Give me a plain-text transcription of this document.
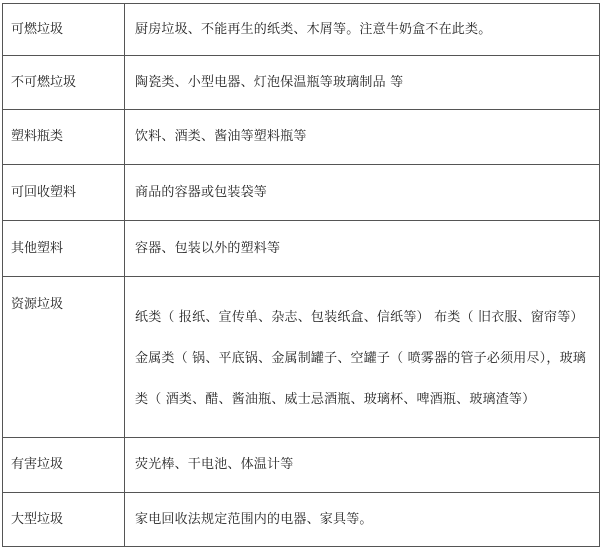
可燃垃圾	厨房垃圾、不能再生的纸类、木屑等。注意牛奶盒不在此类。
不可燃垃圾	陶瓷类、小型电器、灯泡保温瓶等玻璃制品 等
塑料瓶类	饮料、酒类、酱油等塑料瓶等
可回收塑料	商品的容器或包装袋等
其他塑料	容器、包装以外的塑料等
资源垃圾	纸类（ 报纸、宣传单、杂志、包装纸盒、信纸等） 布类（ 旧衣服、窗帘等） 金属类（ 锅、平底锅、金属制罐子、空罐子（ 喷雾器的管子必须用尽），玻璃类（ 酒类、醋、酱油瓶、威士忌酒瓶、玻璃杯、啤酒瓶、玻璃渣等）
有害垃圾	荧光棒、干电池、体温计等
大型垃圾	家电回收法规定范围内的电器、家具等。
